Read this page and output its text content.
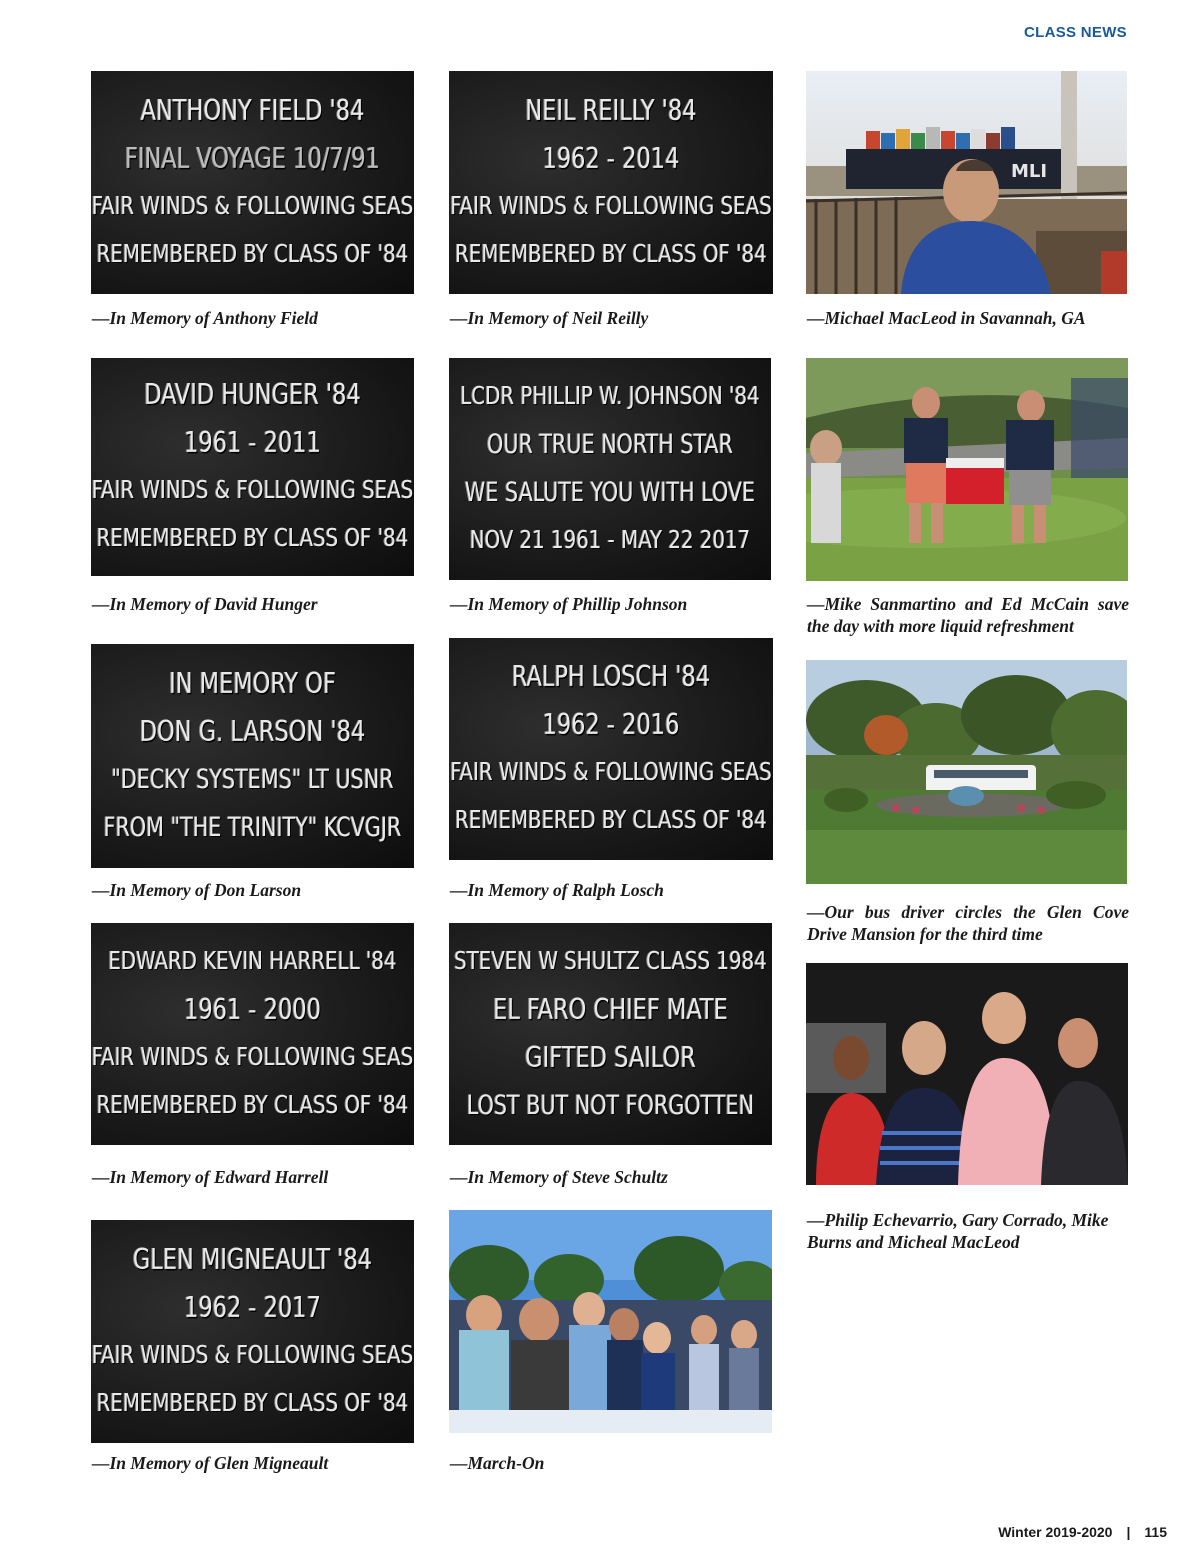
CLASS NEWS
ANTHONY FIELD '84
FINAL VOYAGE 10/7/91
FAIR WINDS & FOLLOWING SEAS
REMEMBERED BY CLASS OF '84
—In Memory of Anthony Field
NEIL REILLY '84
1962 - 2014
FAIR WINDS & FOLLOWING SEAS
REMEMBERED BY CLASS OF '84
—In Memory of Neil Reilly
MLI
—Michael MacLeod in Savannah, GA
DAVID HUNGER '84
1961 - 2011
FAIR WINDS & FOLLOWING SEAS
REMEMBERED BY CLASS OF '84
—In Memory of David Hunger
LCDR PHILLIP W. JOHNSON '84
OUR TRUE NORTH STAR
WE SALUTE YOU WITH LOVE
NOV 21 1961 - MAY 22 2017
—In Memory of Phillip Johnson	—Mike Sanmartino and Ed McCain save the day with more liquid refreshment
IN MEMORY OF
DON G. LARSON '84
"DECKY SYSTEMS" LT USNR
FROM "THE TRINITY" KCVGJR
—In Memory of Don Larson
RALPH LOSCH '84
1962 - 2016
FAIR WINDS & FOLLOWING SEAS
REMEMBERED BY CLASS OF '84
—In Memory of Ralph Losch
—Our bus driver circles the Glen Cove Drive Mansion for the third time
EDWARD KEVIN HARRELL '84
1961 - 2000
FAIR WINDS & FOLLOWING SEAS
REMEMBERED BY CLASS OF '84
—In Memory of Edward Harrell
STEVEN W SHULTZ CLASS 1984
EL FARO CHIEF MATE
GIFTED SAILOR
LOST BUT NOT FORGOTTEN
—In Memory of Steve Schultz
—Philip Echevarrio, Gary Corrado, Mike Burns and Micheal MacLeod
GLEN MIGNEAULT '84
1962 - 2017
FAIR WINDS & FOLLOWING SEAS
REMEMBERED BY CLASS OF '84
—In Memory of Glen Migneault	—March-On
Winter 2019-2020 | 115
